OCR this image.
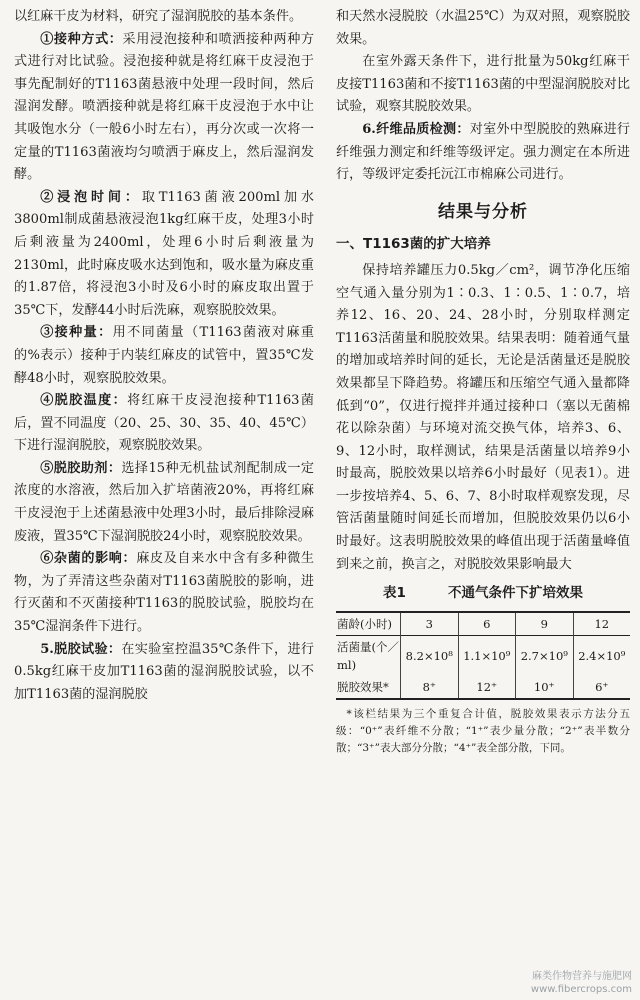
以红麻干皮为材料，研究了湿润脱胶的基本条件。

①接种方式：采用浸泡接种和喷洒接种两种方式进行对比试验。浸泡接种就是将红麻干皮浸泡于事先配制好的T1163菌悬液中处理一段时间，然后湿润发酵。喷洒接种就是将红麻干皮浸泡于水中让其吸饱水分（一般6小时左右），再分次或一次将一定量的T1163菌液均匀喷洒于麻皮上，然后湿润发酵。

②浸泡时间：取T1163菌液200ml加水3800ml制成菌悬液浸泡1kg红麻干皮，处理3小时后剩液量为2400ml，处理6小时后剩液量为2130ml，此时麻皮吸水达到饱和，吸水量为麻皮重的1.87倍，将浸泡3小时及6小时的麻皮取出置于35℃下，发酵44小时后洗麻，观察脱胶效果。

③接种量：用不同菌量（T1163菌液对麻重的%表示）接种于内装红麻皮的试管中，置35℃发酵48小时，观察脱胶效果。

④脱胶温度：将红麻干皮浸泡接种T1163菌后，置不同温度（20、25、30、35、40、45℃）下进行湿润脱胶，观察脱胶效果。

⑤脱胶助剂：选择15种无机盐试剂配制成一定浓度的水溶液，然后加入扩培菌液20%，再将红麻干皮浸泡于上述菌悬液中处理3小时，最后排除浸麻废液，置35℃下湿润脱胶24小时，观察脱胶效果。

⑥杂菌的影响：麻皮及自来水中含有多种微生物，为了弄清这些杂菌对T1163菌脱胶的影响，进行灭菌和不灭菌接种T1163的脱胶试验，脱胶均在35℃湿润条件下进行。

5.脱胶试验：在实验室控温35℃条件下，进行0.5kg红麻干皮加T1163菌的湿润脱胶试验，以不加T1163菌的湿润脱胶

和天然水浸脱胶（水温25℃）为双对照，观察脱胶效果。

在室外露天条件下，进行批量为50kg红麻干皮接T1163菌和不接T1163菌的中型湿润脱胶对比试验，观察其脱胶效果。

6.纤维品质检测：对室外中型脱胶的熟麻进行纤维强力测定和纤维等级评定。强力测定在本所进行，等级评定委托沅江市棉麻公司进行。

结果与分析
一、T1163菌的扩大培养

保持培养罐压力0.5kg／cm²，调节净化压缩空气通入量分别为1∶0.3、1∶0.5、1∶0.7，培养12、16、20、24、28小时，分别取样测定T1163活菌量和脱胶效果。结果表明：随着通气量的增加或培养时间的延长，无论是活菌量还是脱胶效果都呈下降趋势。将罐压和压缩空气通入量都降低到“0”，仅进行搅拌并通过接种口（塞以无菌棉花以除杂菌）与环境对流交换气体，培养3、6、9、12小时，取样测试，结果是活菌量以培养9小时最高，脱胶效果以培养6小时最好（见表1）。进一步按培养4、5、6、7、8小时取样观察发现，尽管活菌量随时间延长而增加，但脱胶效果仍以6小时最好。这表明脱胶效果的峰值出现于活菌量峰值到来之前，换言之，对脱胶效果影响最大

表1	不通气条件下扩培效果
菌龄(小时)	3	6	9	12
活菌量(个／ml)	8.2×10⁸	1.1×10⁹	2.7×10⁹	2.4×10⁹
脱胶效果*	8⁺	12⁺	10⁺	6⁺

*该栏结果为三个重复合计值，脱胶效果表示方法分五级：“0⁺”表纤维不分散；“1⁺”表少量分散；“2⁺”表半数分散；“3⁺”表大部分分散；“4⁺”表全部分散，下同。

麻类作物营养与施肥网
www.fibercrops.com
